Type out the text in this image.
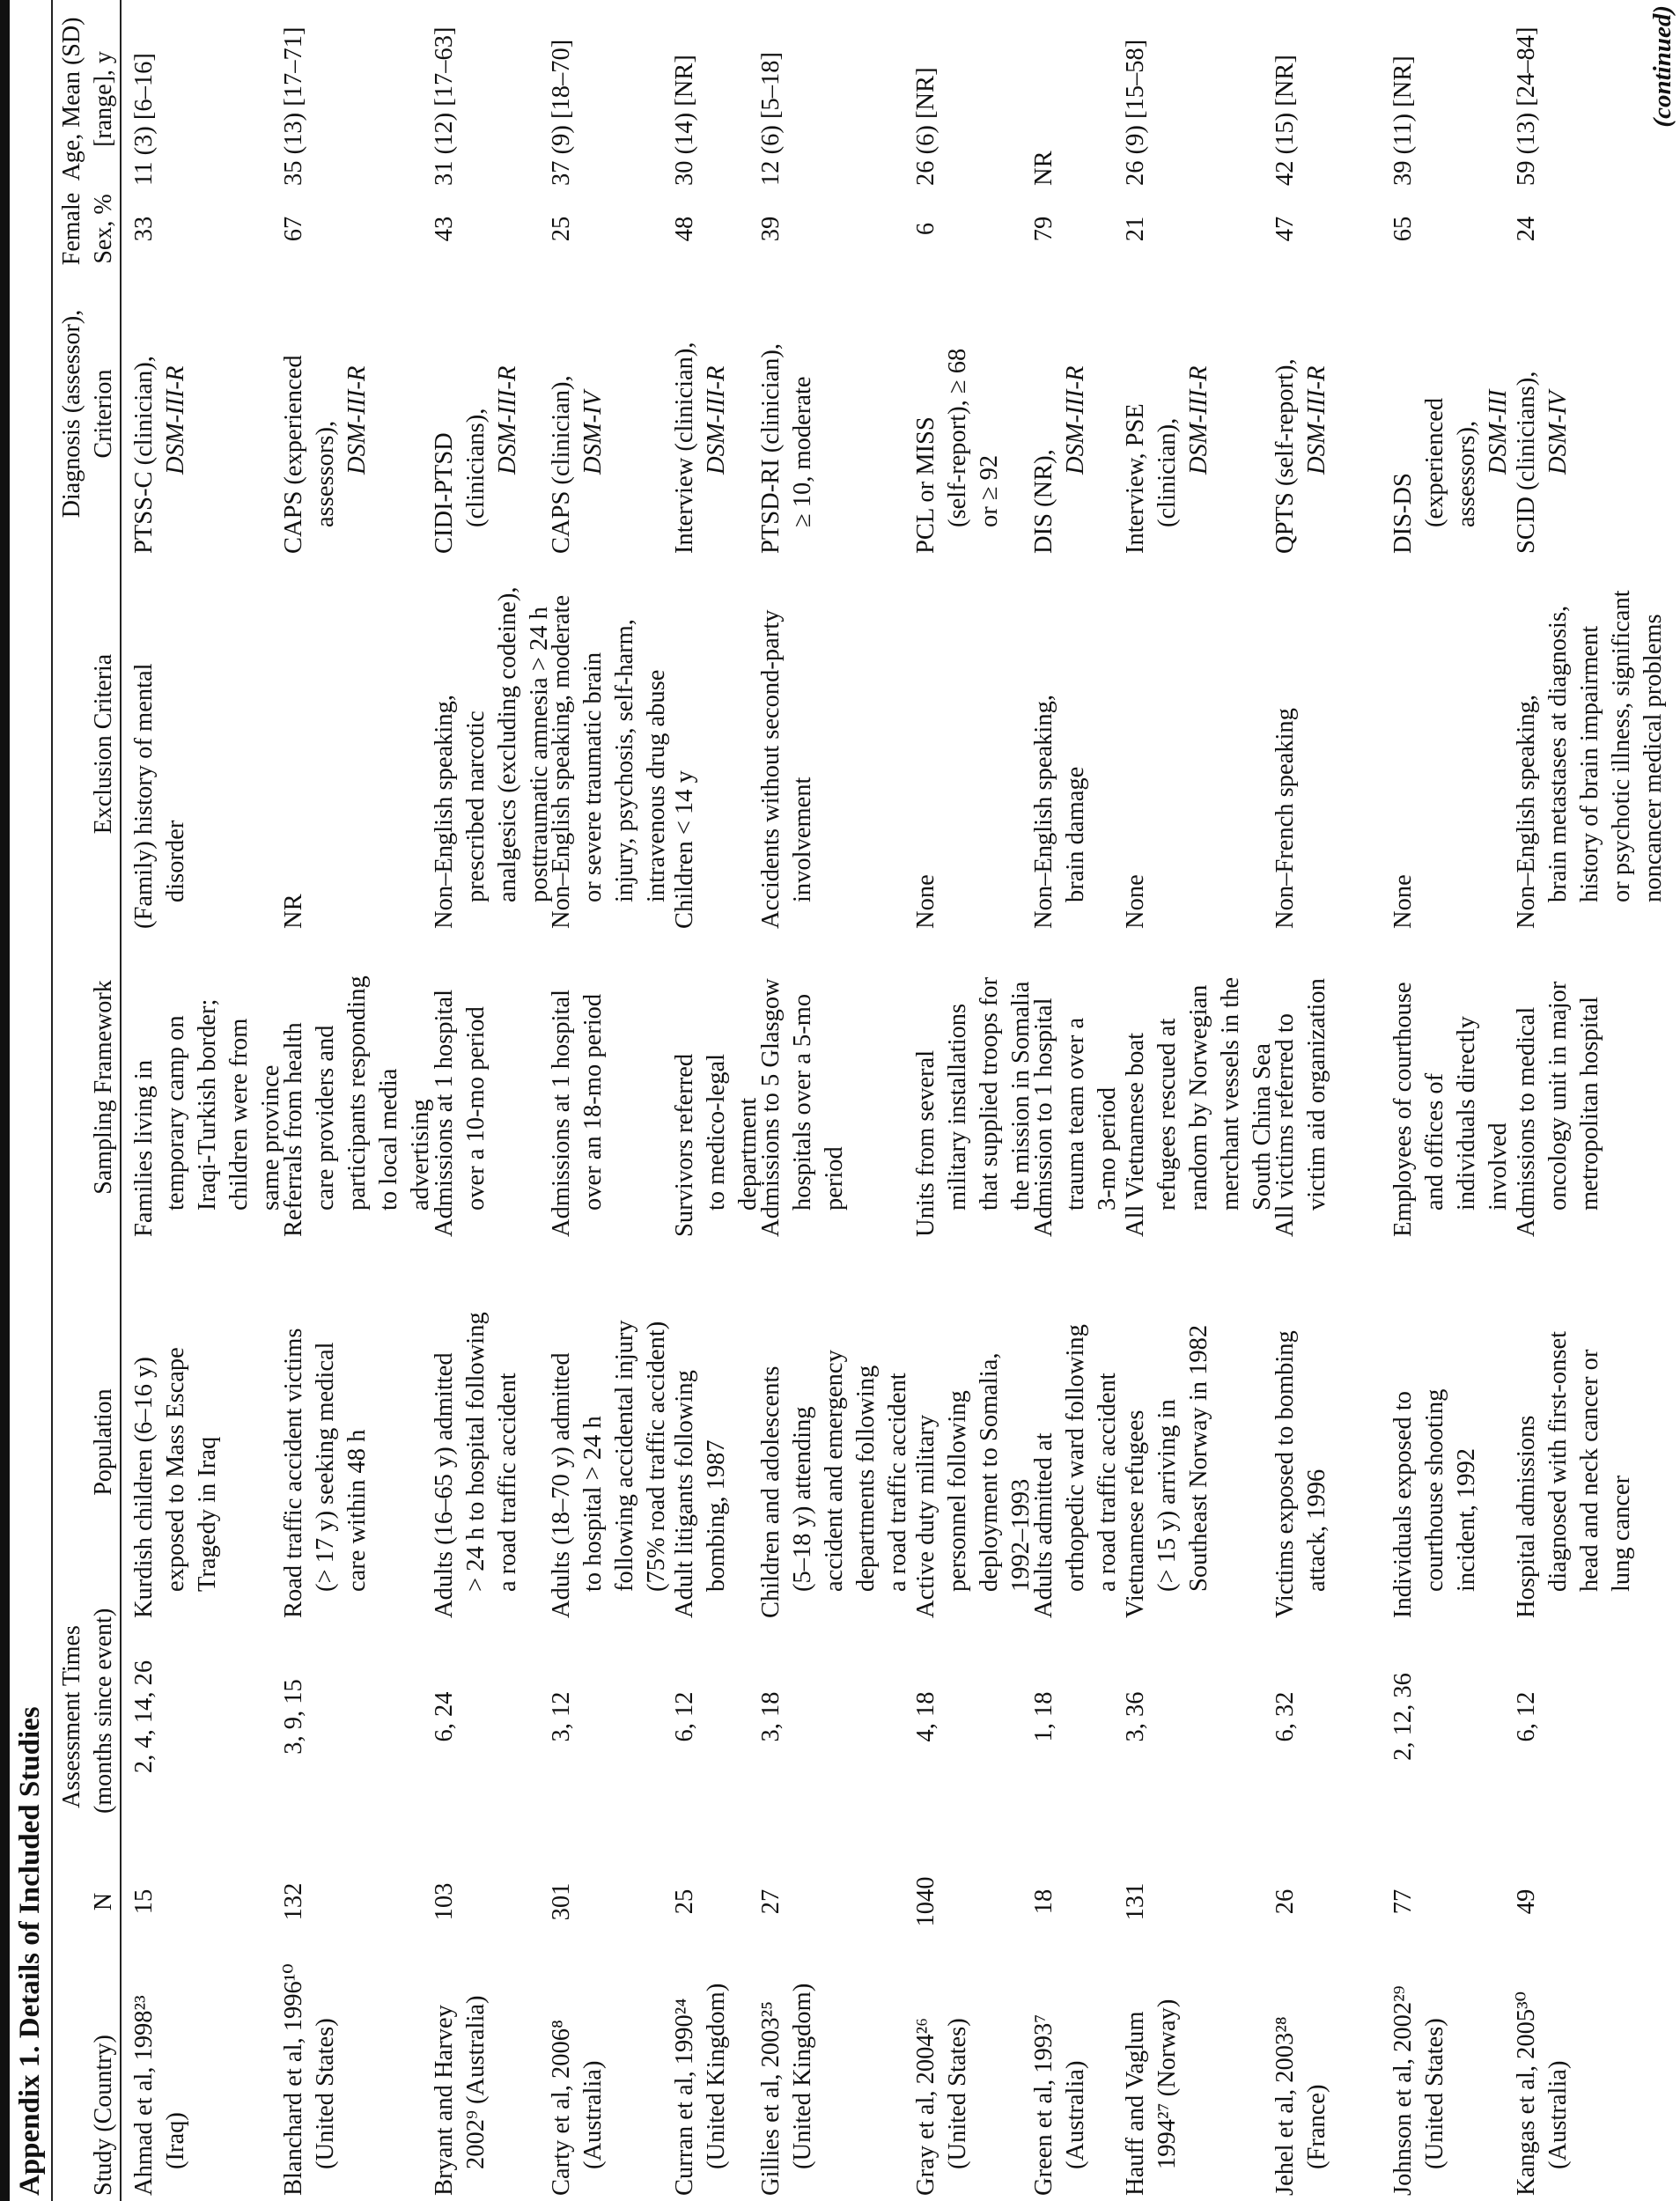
Appendix 1. Details of Included Studies Study (Country)
N
Assessment Times (months since event)
Population
Sampling Framework
Exclusion Criteria
Diagnosis (assessor), Criterion
Female Sex, %
Age, Mean (SD) [range], y
Ahmad et al, 1998²³ (Iraq)
15
2, 4, 14, 26
Kurdish children (6–16 y) exposed to Mass Escape Tragedy in Iraq
Families living in temporary camp on Iraqi-Turkish border; children were from same province
(Family) history of mental disorder
PTSS-C (clinician), DSM-III-R
33
11 (3) [6–16]
Blanchard et al, 1996¹⁰ (United States)
132
3, 9, 15
Road traffic accident victims (> 17 y) seeking medical care within 48 h
Referrals from health care providers and participants responding to local media advertising
NR
CAPS (experienced assessors), DSM-III-R
67
35 (13) [17–71]
Bryant and Harvey 2002⁹ (Australia)
103
6, 24
Adults (16–65 y) admitted > 24 h to hospital following a road traffic accident
Admissions at 1 hospital over a 10-mo period
Non–English speaking, prescribed narcotic analgesics (excluding codeine), posttraumatic amnesia > 24 h
CIDI-PTSD (clinicians), DSM-III-R
43
31 (12) [17–63]
Carty et al, 2006⁸ (Australia)
301
3, 12
Adults (18–70 y) admitted to hospital > 24 h following accidental injury (75% road traffic accident)
Admissions at 1 hospital over an 18-mo period
Non–English speaking, moderate or severe traumatic brain injury, psychosis, self-harm, intravenous drug abuse
CAPS (clinician), DSM-IV
25
37 (9) [18–70]
Curran et al, 1990²⁴ (United Kingdom)
25
6, 12
Adult litigants following bombing, 1987
Survivors referred to medico-legal department
Children < 14 y
Interview (clinician), DSM-III-R
48
30 (14) [NR]
Gillies et al, 2003²⁵ (United Kingdom)
27
3, 18
Children and adolescents (5–18 y) attending accident and emergency departments following a road traffic accident
Admissions to 5 Glasgow hospitals over a 5-mo period
Accidents without second-party involvement
PTSD-RI (clinician), ≥ 10, moderate
39
12 (6) [5–18]
Gray et al, 2004²⁶ (United States)
1040
4, 18
Active duty military personnel following deployment to Somalia, 1992–1993
Units from several military installations that supplied troops for the mission in Somalia
None
PCL or MISS (self-report), ≥ 68 or ≥ 92
6
26 (6) [NR]
Green et al, 1993⁷ (Australia)
18
1, 18
Adults admitted at orthopedic ward following a road traffic accident
Admission to 1 hospital trauma team over a 3-mo period
Non–English speaking, brain damage
DIS (NR),
DSM-III-R
79
NR
Hauff and Vaglum 1994²⁷ (Norway)
131
3, 36
Vietnamese refugees (> 15 y) arriving in Southeast Norway in 1982
All Vietnamese boat refugees rescued at random by Norwegian merchant vessels in the South China Sea
None
Interview, PSE (clinician), DSM-III-R
21
26 (9) [15–58]
Jehel et al, 2003²⁸ (France)
26
6, 32
Victims exposed to bombing attack, 1996
All victims referred to victim aid organization
Non–French speaking
QPTS (self-report), DSM-III-R
47
42 (15) [NR]
Johnson et al, 2002²⁹ (United States)
77
2, 12, 36
Individuals exposed to courthouse shooting incident, 1992
Employees of courthouse and offices of individuals directly involved
None
DIS-DS (experienced assessors), DSM-III
65
39 (11) [NR]
Kangas et al, 2005³⁰ (Australia)
49
6, 12
Hospital admissions diagnosed with first-onset head and neck cancer or lung cancer
Admissions to medical oncology unit in major metropolitan hospital
Non–English speaking, brain metastases at diagnosis, history of brain impairment or psychotic illness, significant noncancer medical problems
SCID (clinicians), DSM-IV
24
59 (13) [24–84]	(continued)
